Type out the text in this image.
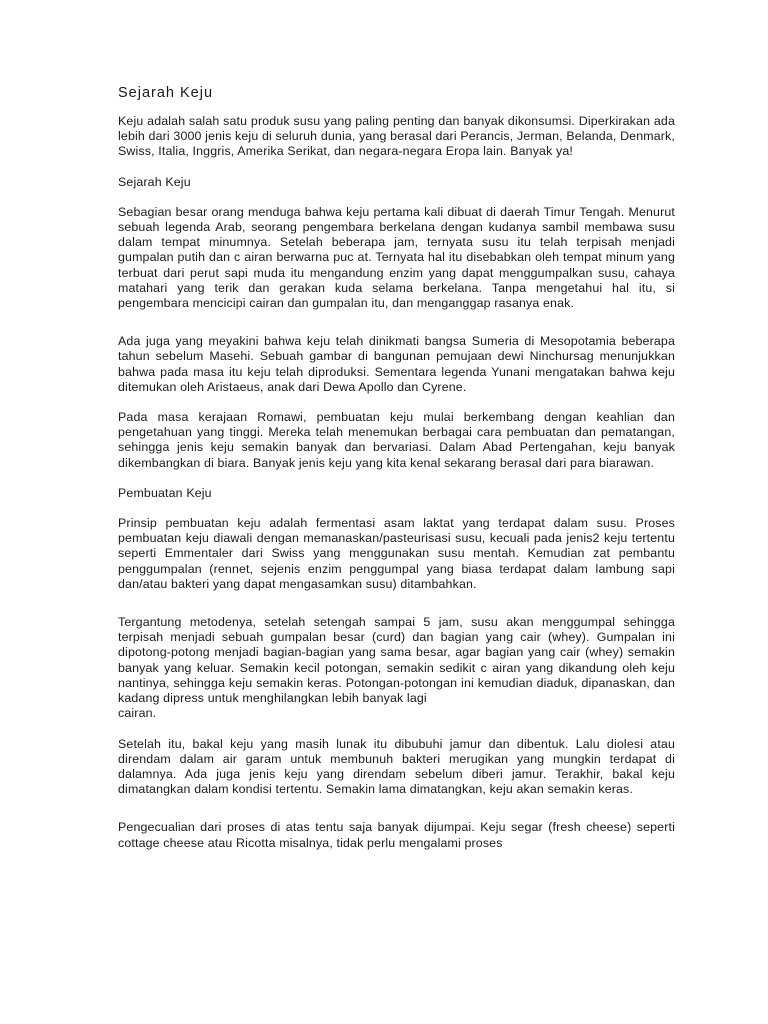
Sejarah Keju
Keju adalah salah satu produk susu yang paling penting dan banyak dikonsumsi. Diperkirakan ada lebih dari 3000 jenis keju di seluruh dunia, yang berasal dari Perancis, Jerman, Belanda, Denmark, Swiss, Italia, Inggris, Amerika Serikat, dan negara-negara Eropa lain. Banyak ya!
Sejarah Keju
Sebagian besar orang menduga bahwa keju pertama kali dibuat di daerah Timur Tengah. Menurut sebuah legenda Arab, seorang pengembara berkelana dengan kudanya sambil membawa susu dalam tempat minumnya. Setelah beberapa jam, ternyata susu itu telah terpisah menjadi gumpalan putih dan c airan berwarna puc at. Ternyata hal itu disebabkan oleh tempat minum yang terbuat dari perut sapi muda itu mengandung enzim yang dapat menggumpalkan susu, cahaya matahari yang terik dan gerakan kuda selama berkelana. Tanpa mengetahui hal itu, si pengembara mencicipi cairan dan gumpalan itu, dan menganggap rasanya enak.
Ada juga yang meyakini bahwa keju telah dinikmati bangsa Sumeria di Mesopotamia beberapa tahun sebelum Masehi. Sebuah gambar di bangunan pemujaan dewi Ninchursag menunjukkan bahwa pada masa itu keju telah diproduksi. Sementara legenda Yunani mengatakan bahwa keju ditemukan oleh Aristaeus, anak dari Dewa Apollo dan Cyrene.
Pada masa kerajaan Romawi, pembuatan keju mulai berkembang dengan keahlian dan pengetahuan yang tinggi. Mereka telah menemukan berbagai cara pembuatan dan pematangan, sehingga jenis keju semakin banyak dan bervariasi. Dalam Abad Pertengahan, keju banyak dikembangkan di biara. Banyak jenis keju yang kita kenal sekarang berasal dari para biarawan.
Pembuatan Keju
Prinsip pembuatan keju adalah fermentasi asam laktat yang terdapat dalam susu. Proses pembuatan keju diawali dengan memanaskan/pasteurisasi susu, kecuali pada jenis2 keju tertentu seperti Emmentaler dari Swiss yang menggunakan susu mentah. Kemudian zat pembantu penggumpalan (rennet, sejenis enzim penggumpal yang biasa terdapat dalam lambung sapi dan/atau bakteri yang dapat mengasamkan susu) ditambahkan.
Tergantung metodenya, setelah setengah sampai 5 jam, susu akan menggumpal sehingga terpisah menjadi sebuah gumpalan besar (curd) dan bagian yang cair (whey). Gumpalan ini dipotong-potong menjadi bagian-bagian yang sama besar, agar bagian yang cair (whey) semakin banyak yang keluar. Semakin kecil potongan, semakin sedikit c airan yang dikandung oleh keju nantinya, sehingga keju semakin keras. Potongan-potongan ini kemudian diaduk, dipanaskan, dan kadang dipress untuk menghilangkan lebih banyak lagi
cairan.
Setelah itu, bakal keju yang masih lunak itu dibubuhi jamur dan dibentuk. Lalu diolesi atau direndam dalam air garam untuk membunuh bakteri merugikan yang mungkin terdapat di dalamnya. Ada juga jenis keju yang direndam sebelum diberi jamur. Terakhir, bakal keju dimatangkan dalam kondisi tertentu. Semakin lama dimatangkan, keju akan semakin keras.
Pengecualian dari proses di atas tentu saja banyak dijumpai. Keju segar (fresh cheese) seperti cottage cheese atau Ricotta misalnya, tidak perlu mengalami proses
